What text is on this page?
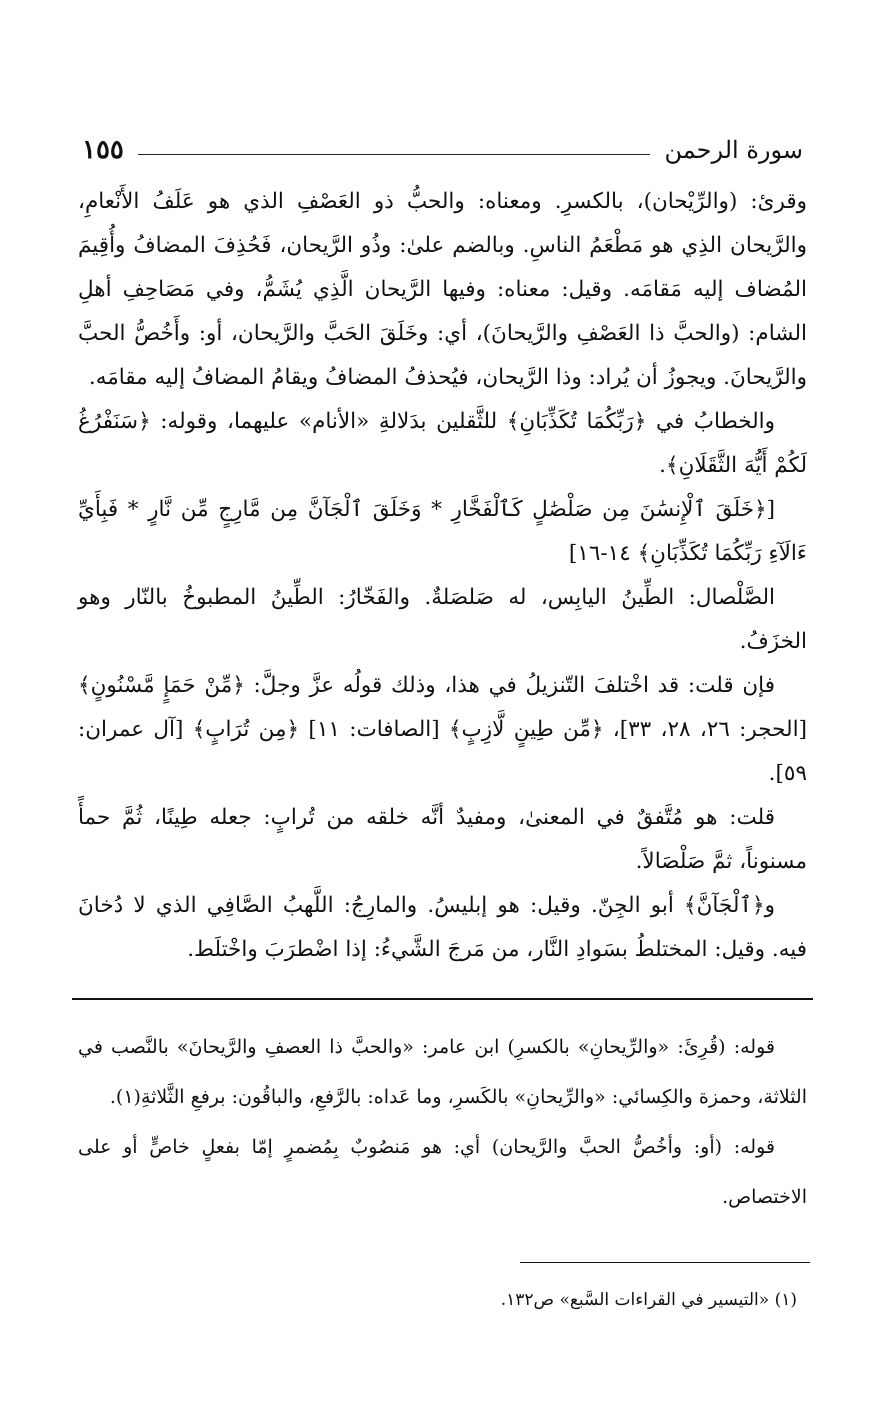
سورة الرحمن
١٥٥

وقرئ: (والرِّيْحان)، بالكسرِ. ومعناه: والحبُّ ذو العَصْفِ الذي هو عَلَفُ الأَنْعامِ، والرَّيحان الذِي هو مَطْعَمُ الناسِ. وبالضم علىٰ: وذُو الرَّيحان، فَحُذِفَ المضافُ وأُقِيمَ المُضاف إليه مَقامَه. وقيل: معناه: وفيها الرَّيحان الَّذِي يُشَمُّ، وفي مَصَاحِفِ أهلِ الشام: (والحبَّ ذا العَصْفِ والرَّيحانَ)، أي: وخَلَقَ الحَبَّ والرَّيحان، أو: وأَخُصُّ الحبَّ والرَّيحانَ. ويجوزُ أن يُراد: وذا الرَّيحان، فيُحذفُ المضافُ ويقامُ المضافُ إليه مقامَه.

والخطابُ في ﴿رَبِّكُمَا تُكَذِّبَانِ﴾ للثَّقلين بدَلالةِ «الأنام» عليهما، وقوله: ﴿سَنَفْرُغُ لَكُمْ أَيُّهَ الثَّقَلَانِ﴾.

[﴿خَلَقَ ٱلْإِنسَٰنَ مِن صَلْصَٰلٍ كَٱلْفَخَّارِ * وَخَلَقَ ٱلْجَآنَّ مِن مَّارِجٍ مِّن نَّارٍ * فَبِأَيِّ ءَالَآءِ رَبِّكُمَا تُكَذِّبَانِ﴾ ١٤-١٦]

الصَّلْصال: الطِّينُ اليابِس، له صَلصَلةٌ. والفَخّارُ: الطِّينُ المطبوخُ بالنّار وهو الخزَفُ.

فإن قلت: قد اخْتلفَ التّنزيلُ في هذا، وذلك قولُه عزَّ وجلَّ: ﴿مِّنْ حَمَإٍ مَّسْنُونٍ﴾ [الحجر: ٢٦، ٢٨، ٣٣]، ﴿مِّن طِينٍ لَّازِبٍ﴾ [الصافات: ١١] ﴿مِن تُرَابٍ﴾ [آل عمران: ٥٩].

قلت: هو مُتَّفقٌ في المعنىٰ، ومفيدٌ أنَّه خلقه من تُرابٍ: جعله طِينًا، ثُمَّ حمأً مسنوناً، ثمَّ صَلْصَالاً.

و﴿ٱلْجَآنَّ﴾ أبو الجِنّ. وقيل: هو إبليسُ. والمارِجُ: اللَّهبُ الصَّافِي الذي لا دُخانَ فيه. وقيل: المختلطُ بسَوادِ النَّار، من مَرجَ الشَّيءُ: إذا اضْطرَبَ واخْتلَط.

قوله: (قُرِئَ: «والرِّيحانِ» بالكسرِ) ابن عامر: «والحبَّ ذا العصفِ والرَّيحانَ» بالنَّصب في الثلاثة، وحمزة والكِسائي: «والرِّيحانِ» بالكَسرِ، وما عَداه: بالرَّفعِ، والباقُون: برفعِ الثَّلاثةِ(١).

قوله: (أو: وأخُصُّ الحبَّ والرَّيحان) أي: هو مَنصُوبٌ بِمُضمرٍ إمّا بفعلٍ خاصٍّ أو على الاختصاص.

(١) «التيسير في القراءات السَّبع» ص١٣٢.
